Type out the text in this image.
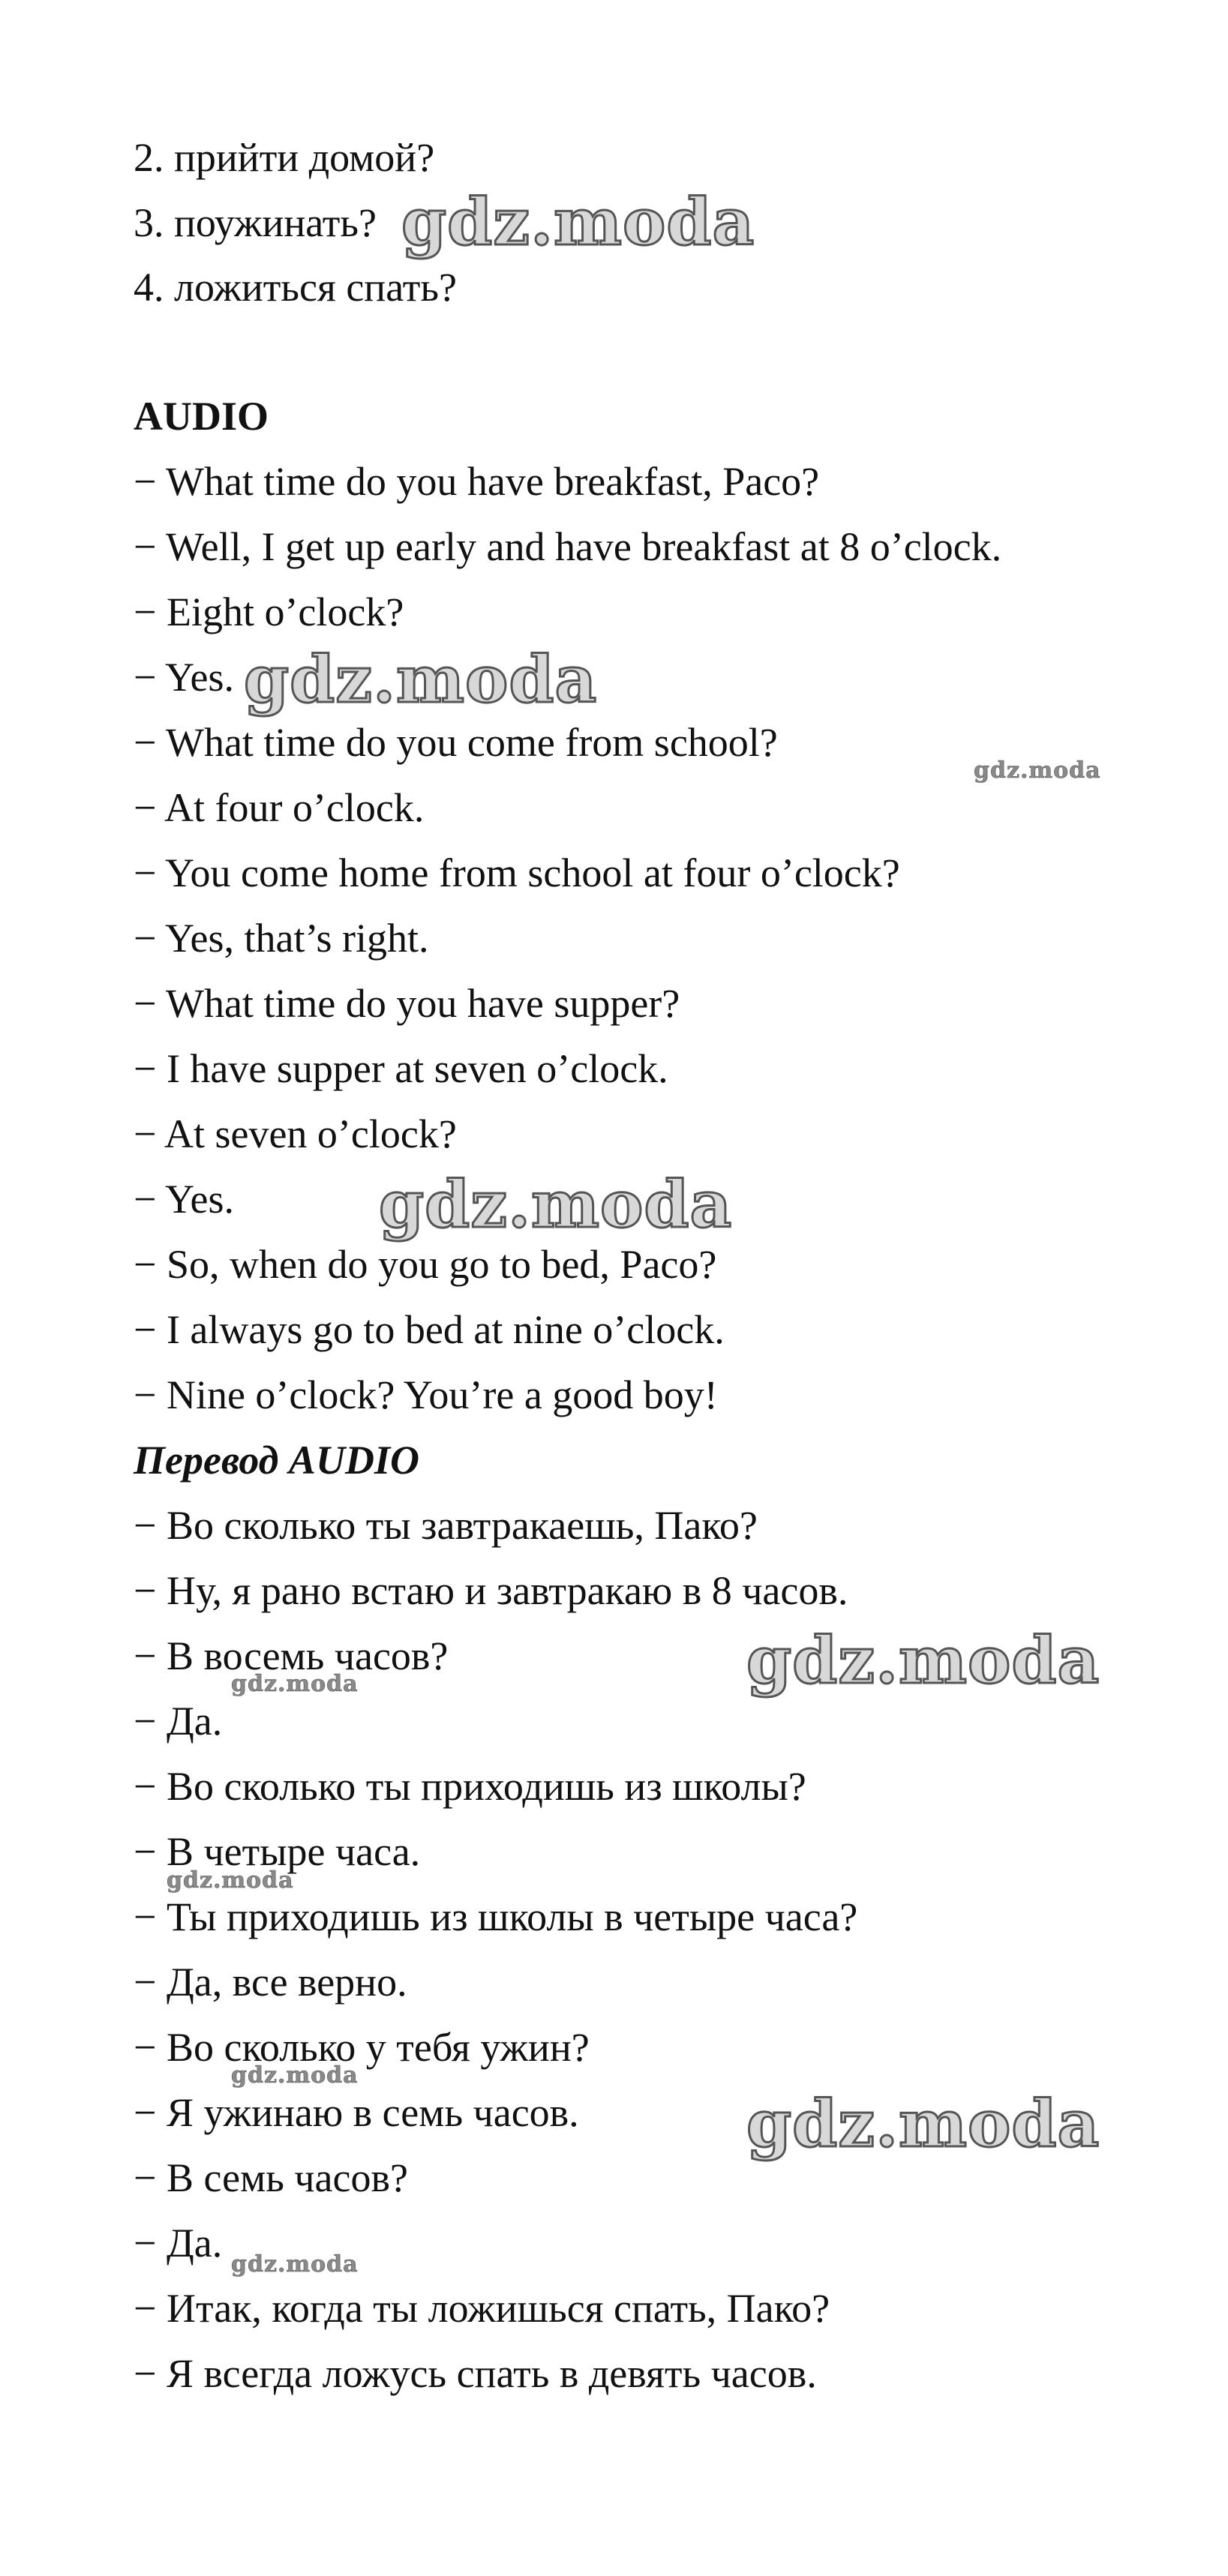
2. прийти домой?
3. поужинать?
4. ложиться спать?
AUDIO
− What time do you have breakfast, Paco?
− Well, I get up early and have breakfast at 8 o’clock.
− Eight o’clock?
− Yes.
− What time do you come from school?
− At four o’clock.
− You come home from school at four o’clock?
− Yes, that’s right.
− What time do you have supper?
− I have supper at seven o’clock.
− At seven o’clock?
− Yes.
− So, when do you go to bed, Paco?
− I always go to bed at nine o’clock.
− Nine o’clock? You’re a good boy!
Перевод AUDIO
− Во сколько ты завтракаешь, Пако?
− Ну, я рано встаю и завтракаю в 8 часов.
− В восемь часов?
− Да.
− Во сколько ты приходишь из школы?
− В четыре часа.
− Ты приходишь из школы в четыре часа?
− Да, все верно.
− Во сколько у тебя ужин?
− Я ужинаю в семь часов.
− В семь часов?
− Да.
− Итак, когда ты ложишься спать, Пако?
− Я всегда ложусь спать в девять часов.
gdz.moda
gdz.moda
gdz.moda
gdz.moda
gdz.moda
gdz.moda
gdz.moda
gdz.moda
gdz.moda
gdz.moda
